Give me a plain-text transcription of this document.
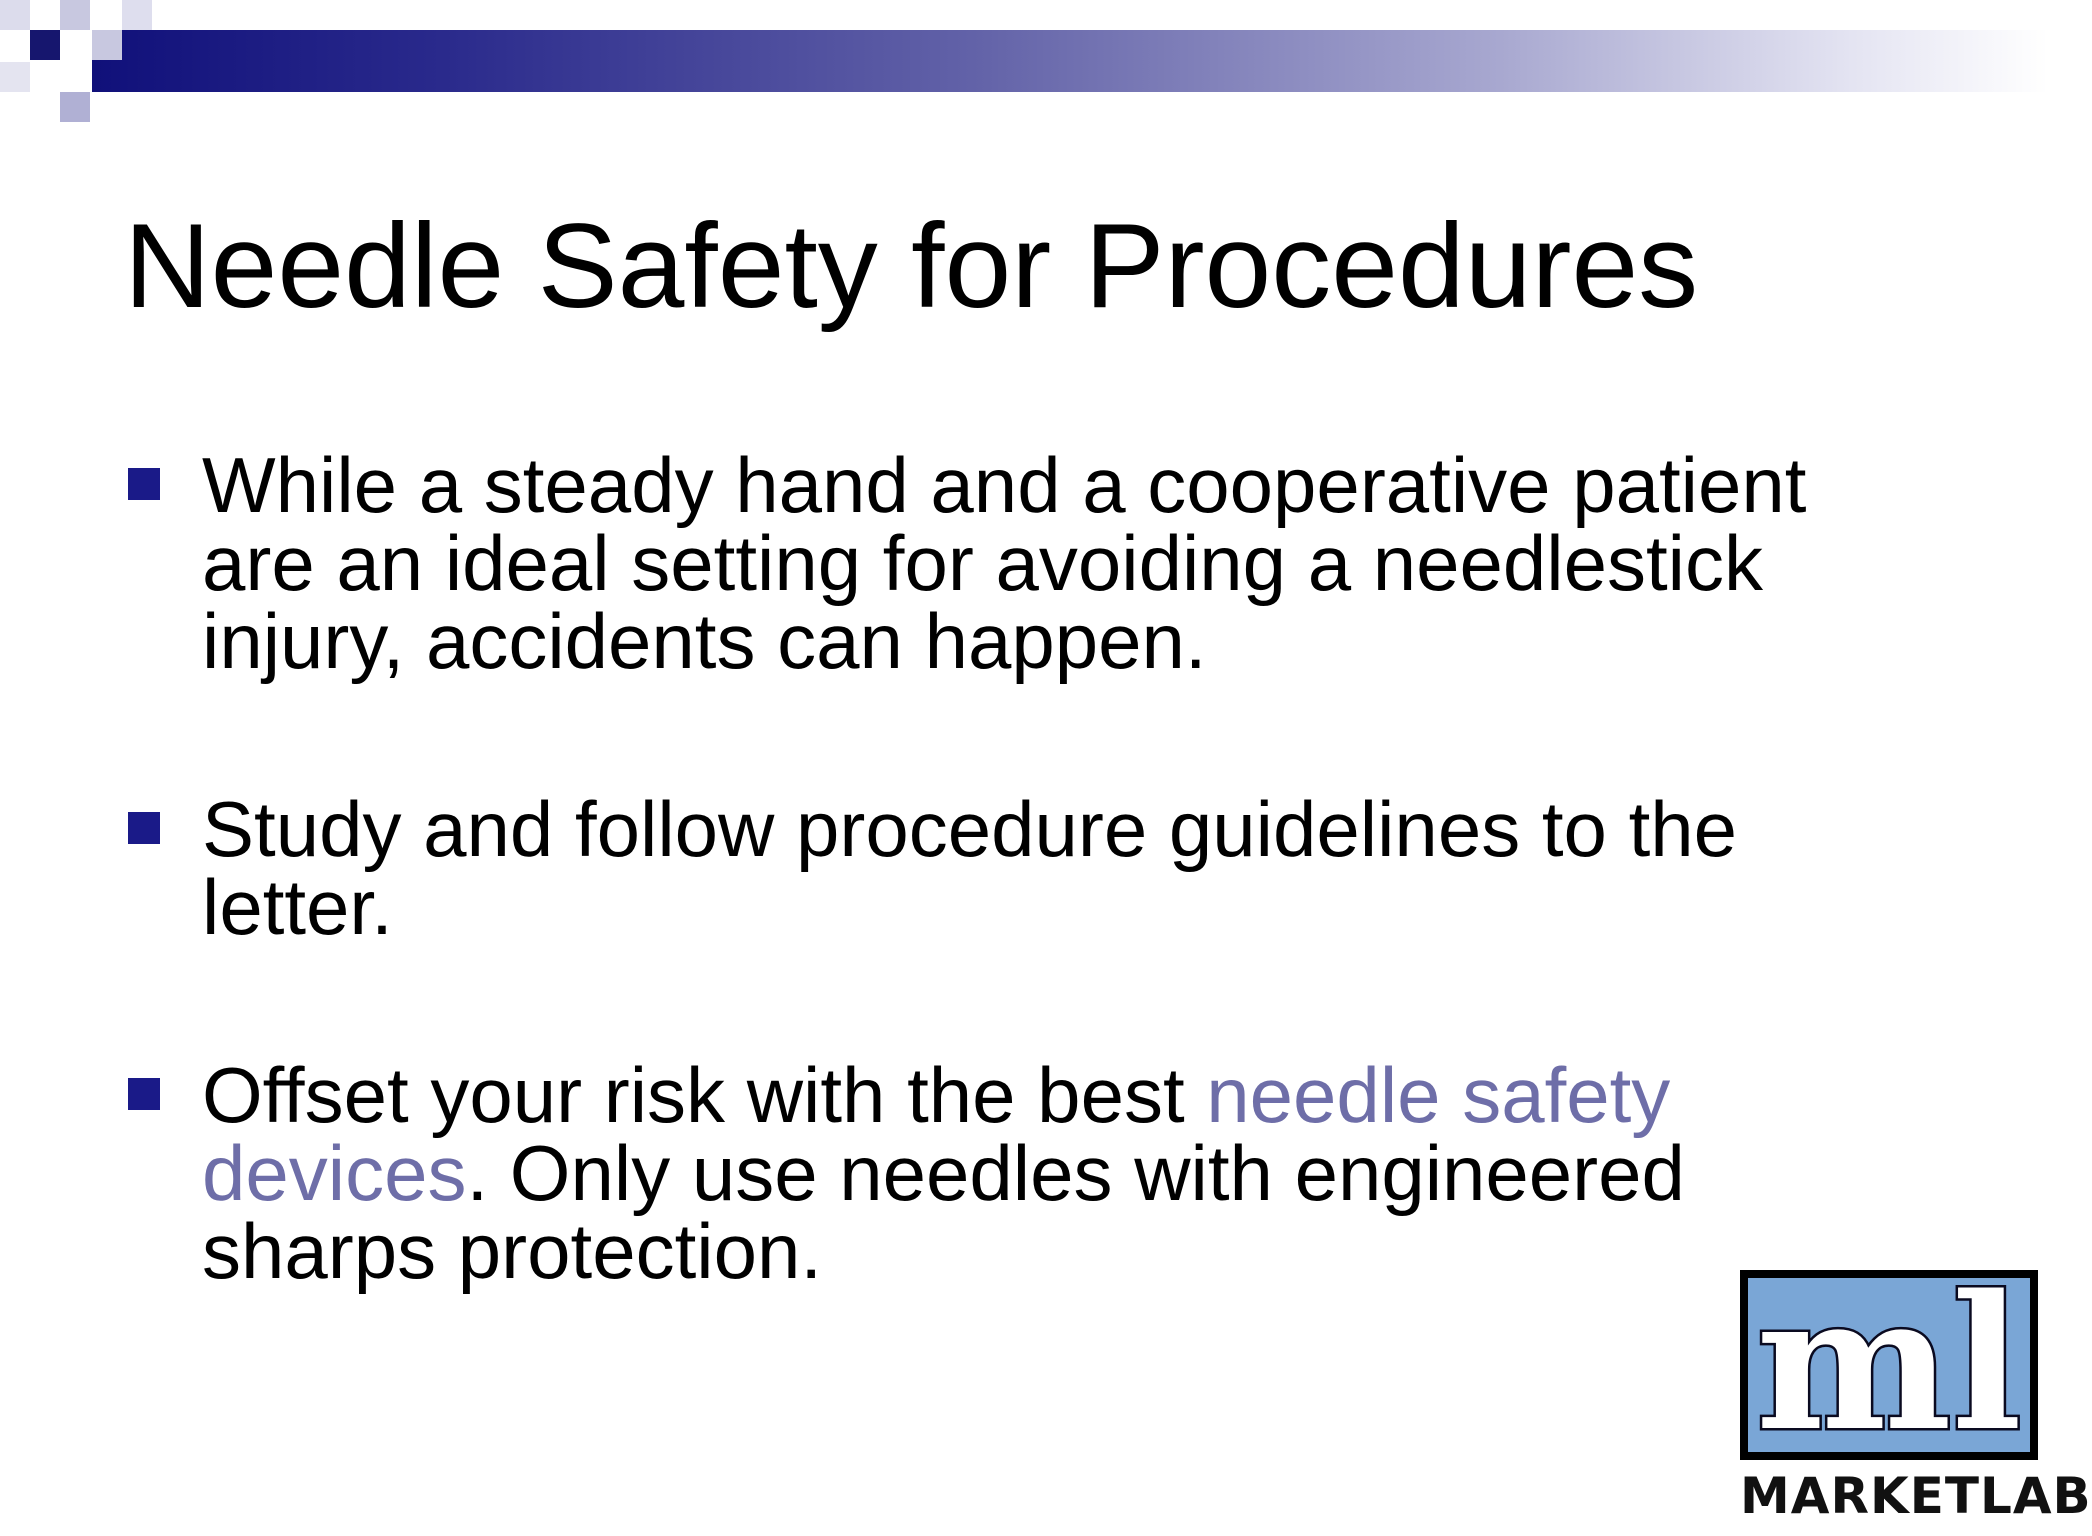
Needle Safety for Procedures
While a steady hand and a cooperative patient are an ideal setting for avoiding a needlestick injury, accidents can happen.
Study and follow procedure guidelines to the letter.
Offset your risk with the best needle safety devices. Only use needles with engineered sharps protection.
ml
MARKETLAB
